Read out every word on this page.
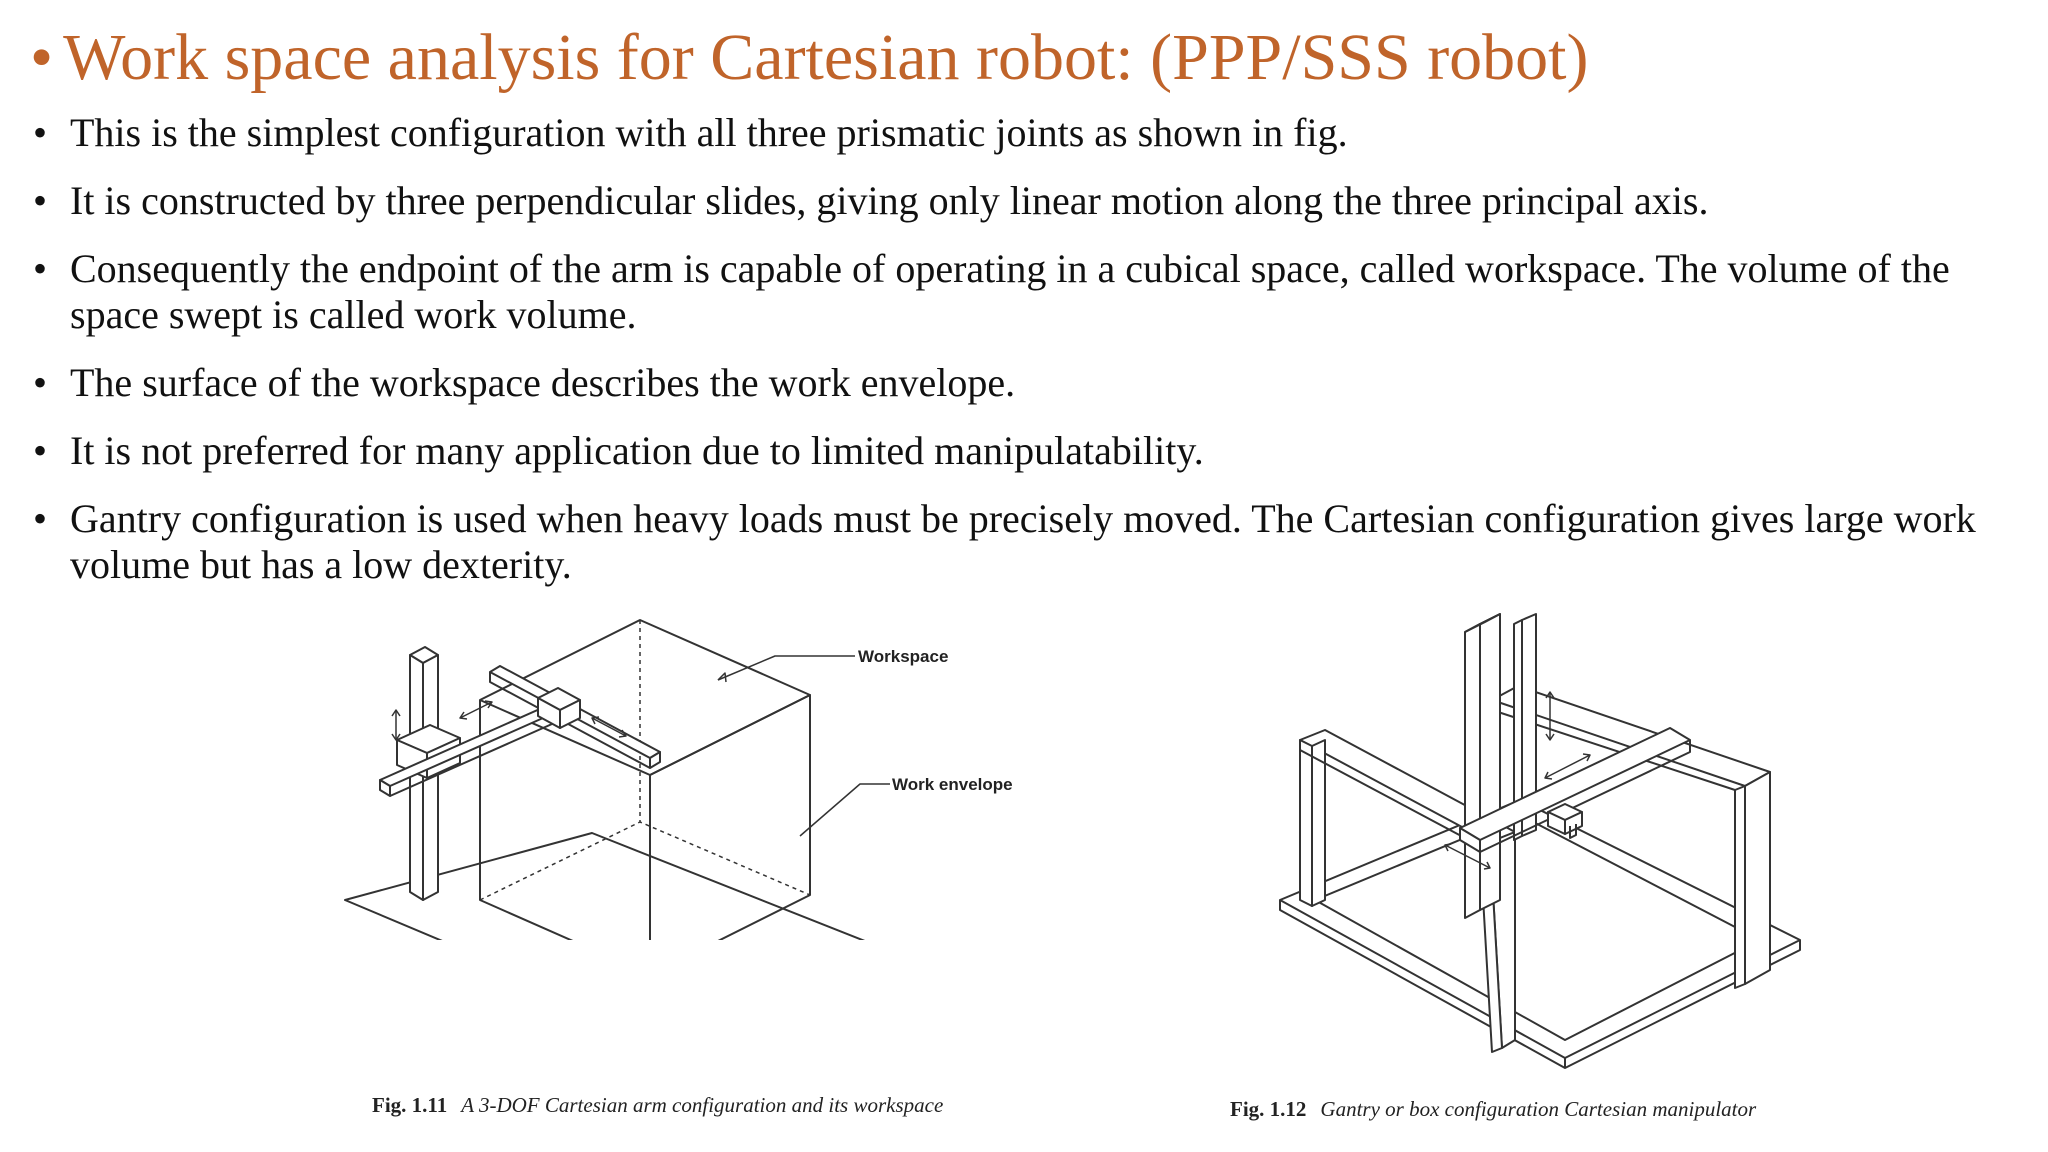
• Work space analysis for Cartesian robot: (PPP/SSS robot)
• This is the simplest configuration with all three prismatic joints as shown in fig.
• It is constructed by three perpendicular slides, giving only linear motion along the three principal axis.
• Consequently the endpoint of the arm is capable of operating in a cubical space, called workspace. The volume of the space swept is called work volume.
• The surface of the workspace describes the work envelope.
• It is not preferred for many application due to limited manipulatability.
• Gantry configuration is used when heavy loads must be precisely moved. The Cartesian configuration gives large work volume but has a low dexterity.
Workspace
Work envelope
Fig. 1.11 A 3-DOF Cartesian arm configuration and its workspace	Fig. 1.12 Gantry or box configuration Cartesian manipulator
